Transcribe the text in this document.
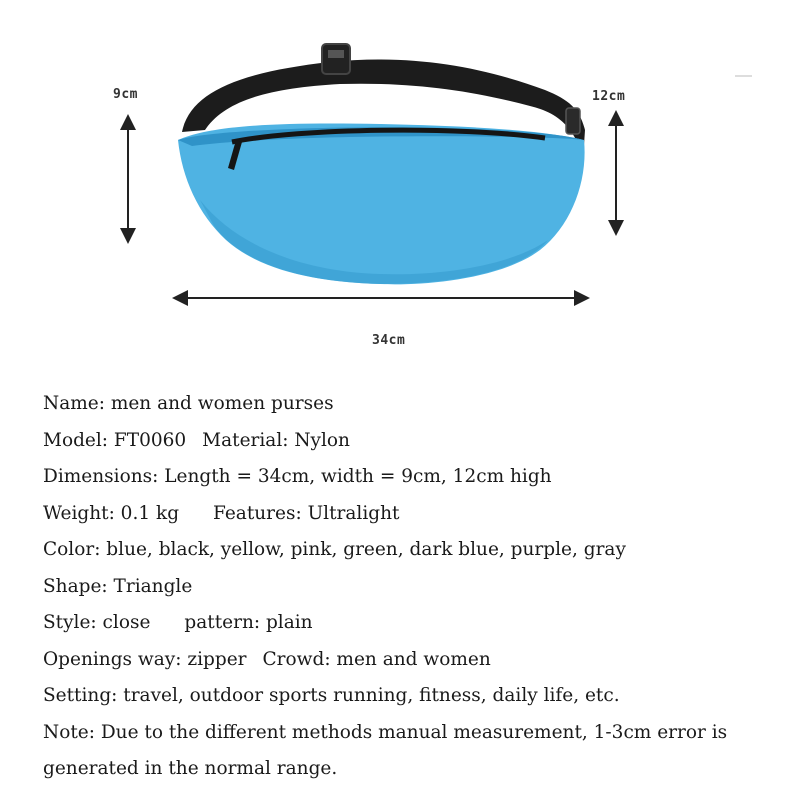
9cm	12cm
34cm
Name: men and women purses
Model: FT0060 Material: Nylon
Dimensions: Length = 34cm, width = 9cm, 12cm high
Weight: 0.1 kg Features: Ultralight
Color: blue, black, yellow, pink, green, dark blue, purple, gray
Shape: Triangle
Style: close pattern: plain
Openings way: zipper Crowd: men and women
Setting: travel, outdoor sports running, fitness, daily life, etc.
Note: Due to the different methods manual measurement, 1-3cm error is
generated in the normal range.
